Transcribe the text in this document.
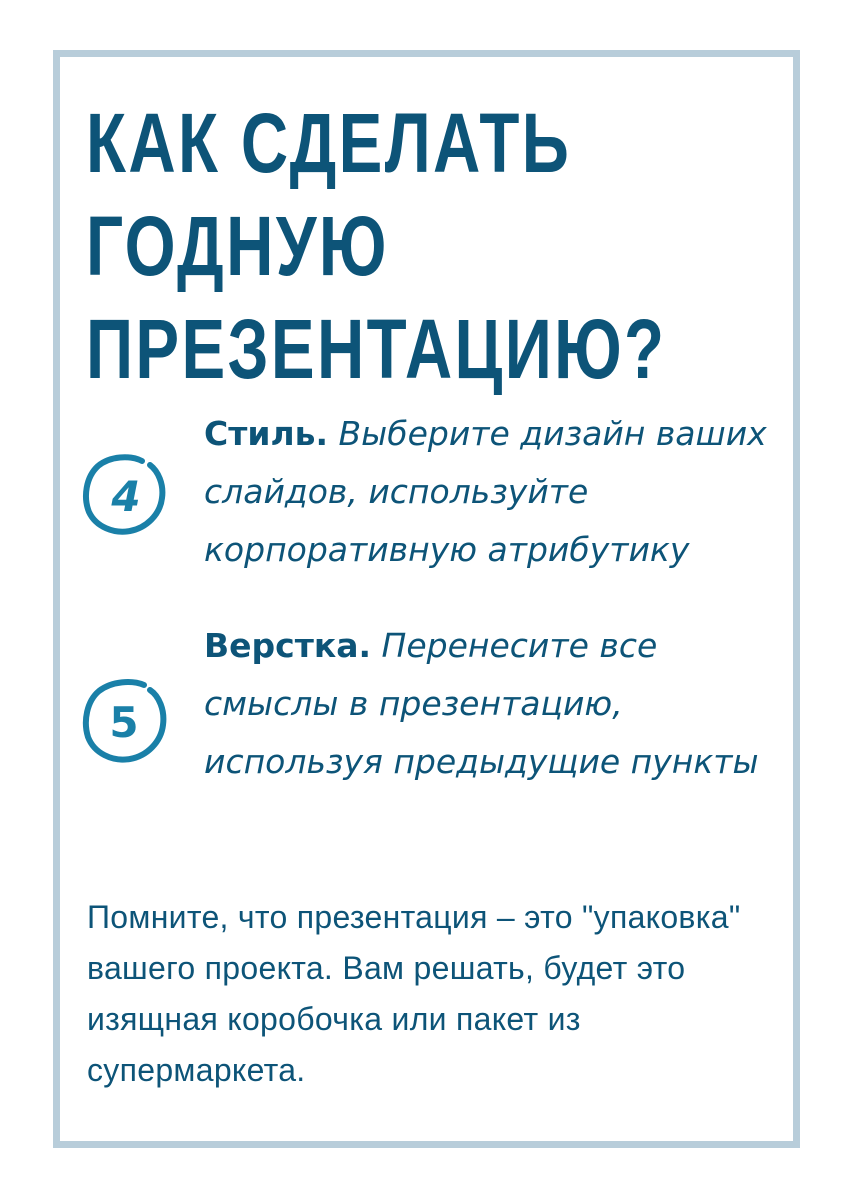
КАК СДЕЛАТЬ
ГОДНУЮ
ПРЕЗЕНТАЦИЮ?
4
Стиль. Выберите дизайн ваших слайдов, используйте корпоративную атрибутику
5
Верстка. Перенесите все смыслы в презентацию, используя предыдущие пункты

Помните, что презентация – это "упаковка" вашего проекта. Вам решать, будет это изящная коробочка или пакет из супермаркета.
